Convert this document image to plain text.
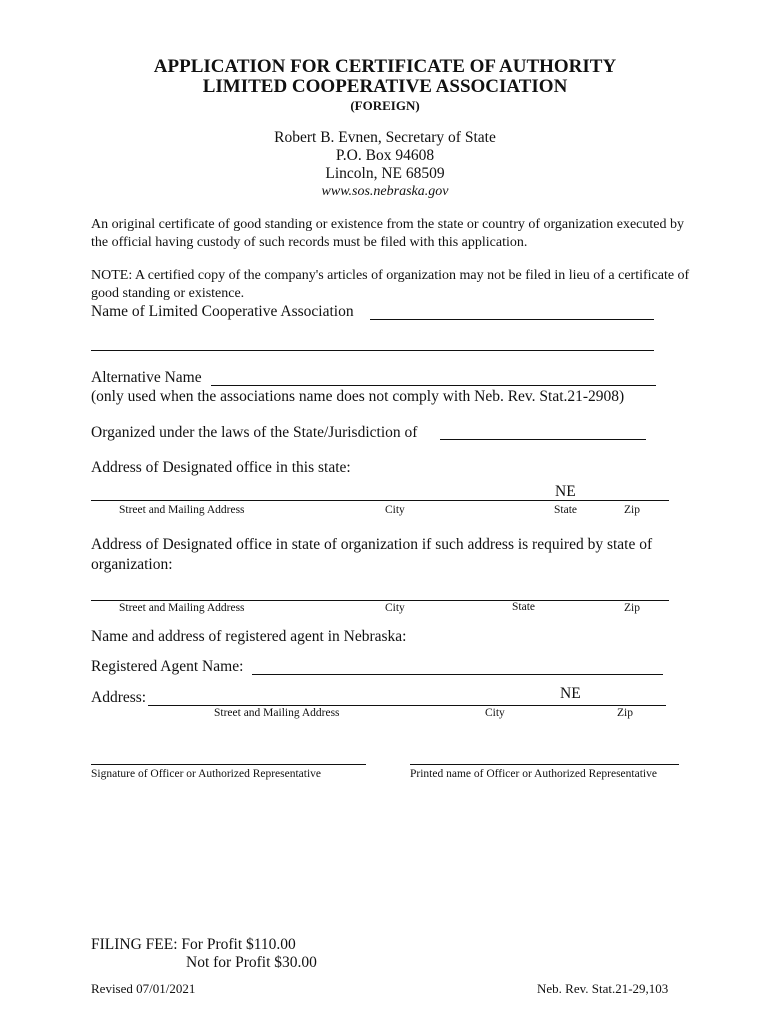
APPLICATION FOR CERTIFICATE OF AUTHORITY
LIMITED COOPERATIVE ASSOCIATION
(FOREIGN)
Robert B. Evnen, Secretary of State
P.O. Box 94608
Lincoln, NE 68509
www.sos.nebraska.gov
An original certificate of good standing or existence from the state or country of organization executed by the official having custody of such records must be filed with this application.
NOTE: A certified copy of the company's articles of organization may not be filed in lieu of a certificate of good standing or existence.
Name of Limited Cooperative Association
Alternative Name
(only used when the associations name does not comply with Neb. Rev. Stat.21-2908)
Organized under the laws of the State/Jurisdiction of
Address of Designated office in this state:
NE
Street and Mailing Address	City	State	Zip
Address of Designated office in state of organization if such address is required by state of organization:
Street and Mailing Address	City	State	Zip
Name and address of registered agent in Nebraska:
Registered Agent Name:
Address:	NE
Street and Mailing Address	City	Zip
Signature of Officer or Authorized Representative	Printed name of Officer or Authorized Representative
FILING FEE: For Profit $110.00
Not for Profit $30.00
Revised 07/01/2021	Neb. Rev. Stat.21-29,103
